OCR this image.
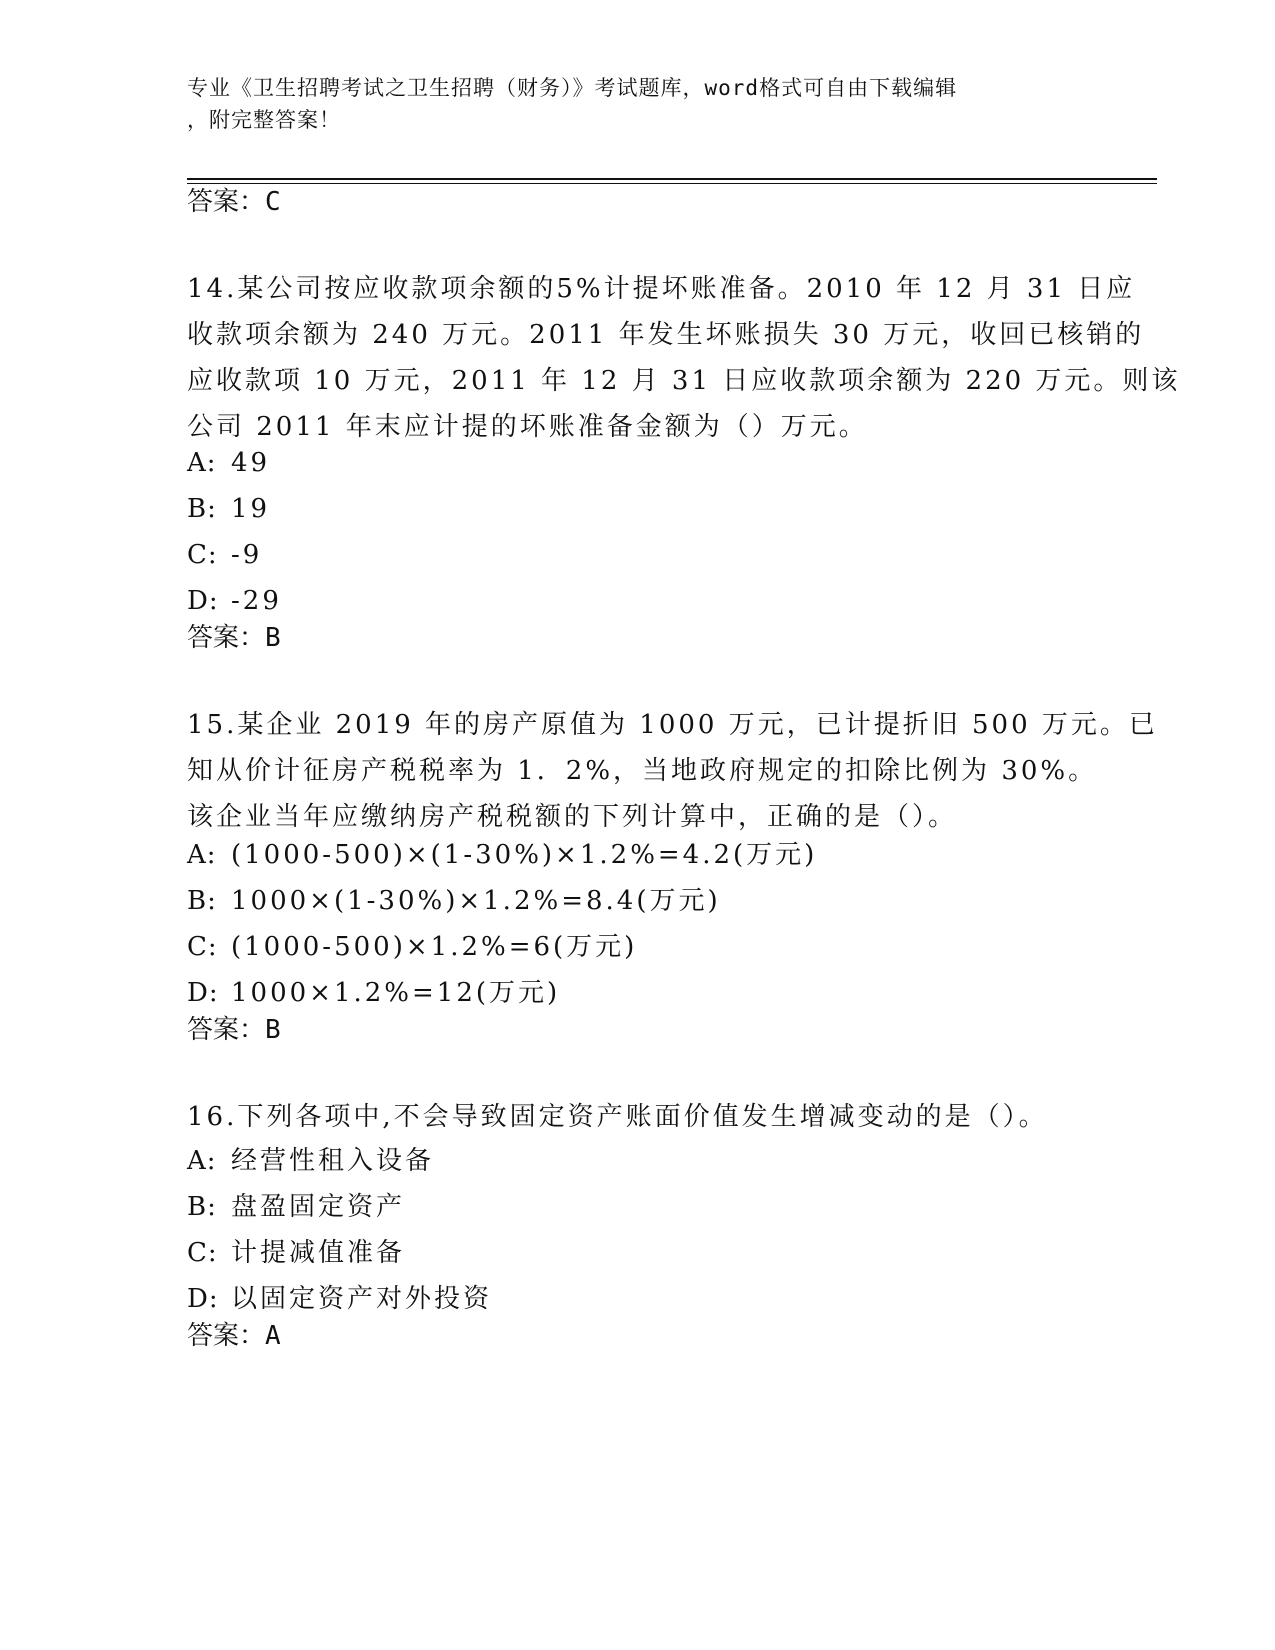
专业《卫生招聘考试之卫生招聘（财务）》考试题库，word格式可自由下载编辑
，附完整答案！
答案：C
14.某公司按应收款项余额的5%计提坏账准备。2010 年 12 月 31 日应
收款项余额为 240 万元。2011 年发生坏账损失 30 万元，收回已核销的
应收款项 10 万元，2011 年 12 月 31 日应收款项余额为 220 万元。则该
公司 2011 年末应计提的坏账准备金额为（）万元。
A: 49
B: 19
C: -9
D: -29
答案：B
15.某企业 2019 年的房产原值为 1000 万元，已计提折旧 500 万元。已
知从价计征房产税税率为 1．2%，当地政府规定的扣除比例为 30%。
该企业当年应缴纳房产税税额的下列计算中，正确的是（）。
A: (1000-500)×(1-30%)×1.2%=4.2(万元)
B: 1000×(1-30%)×1.2%=8.4(万元)
C: (1000-500)×1.2%=6(万元)
D: 1000×1.2%=12(万元)
答案：B
16.下列各项中,不会导致固定资产账面价值发生增减变动的是（）。
A: 经营性租入设备
B: 盘盈固定资产
C: 计提减值准备
D: 以固定资产对外投资
答案：A
